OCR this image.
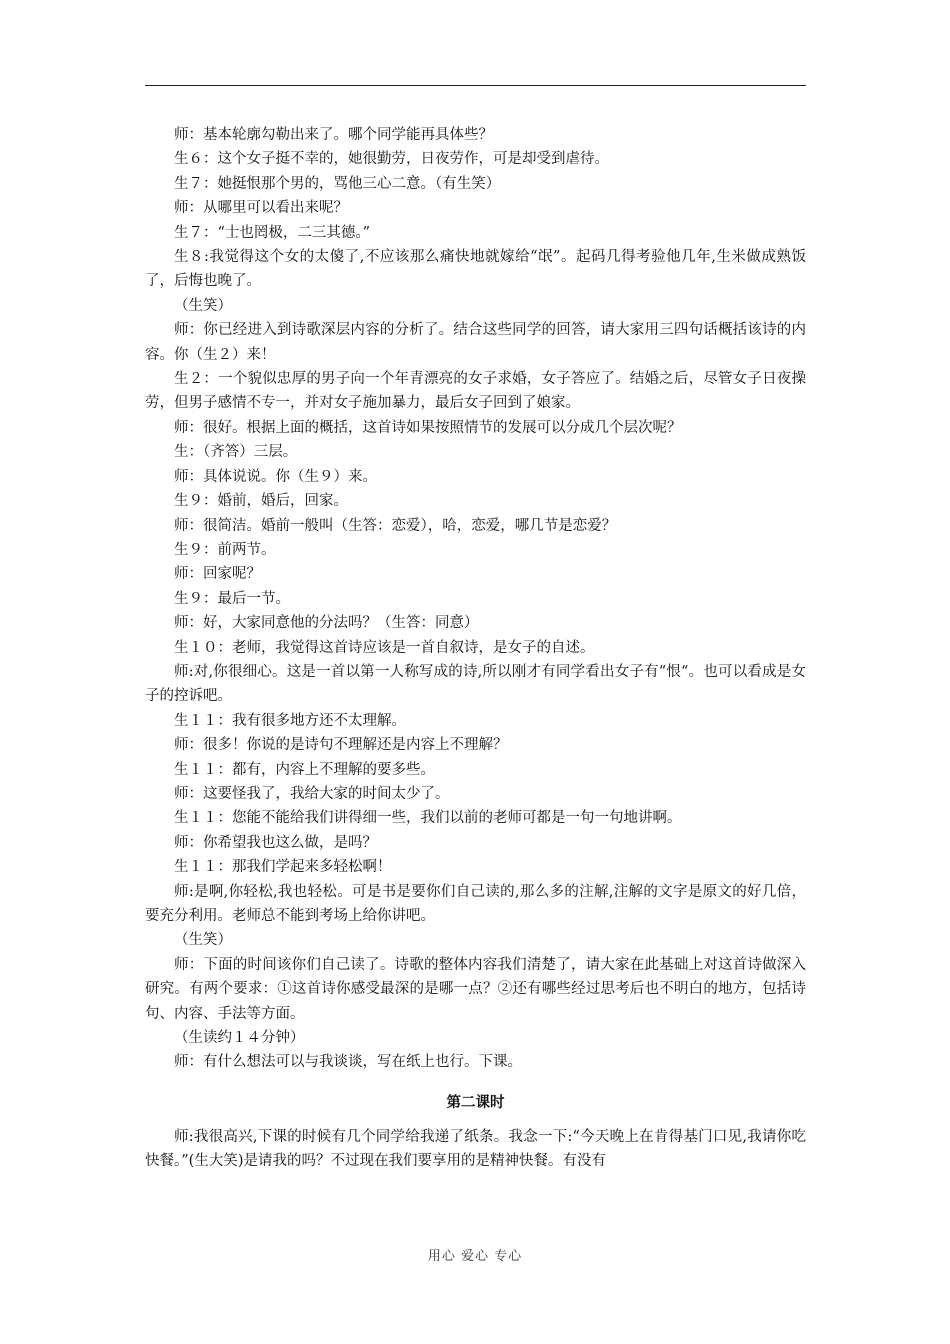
师：基本轮廓勾勒出来了。哪个同学能再具体些？

生６：这个女子挺不幸的，她很勤劳，日夜劳作，可是却受到虐待。

生７：她挺恨那个男的，骂他三心二意。（有生笑）

师：从哪里可以看出来呢？

生７：“士也罔极，二三其德。”

生８:我觉得这个女的太傻了,不应该那么痛快地就嫁给“氓”。起码几得考验他几年,生米做成熟饭了，后悔也晚了。

（生笑）

师：你已经进入到诗歌深层内容的分析了。结合这些同学的回答，请大家用三四句话概括该诗的内容。你（生２）来！

生２：一个貌似忠厚的男子向一个年青漂亮的女子求婚，女子答应了。结婚之后，尽管女子日夜操劳，但男子感情不专一，并对女子施加暴力，最后女子回到了娘家。

师：很好。根据上面的概括，这首诗如果按照情节的发展可以分成几个层次呢？

生：（齐答）三层。

师：具体说说。你（生９）来。

生９：婚前，婚后，回家。

师：很简洁。婚前一般叫（生答：恋爱），哈，恋爱，哪几节是恋爱？

生９：前两节。

师：回家呢？

生９：最后一节。

师：好，大家同意他的分法吗？（生答：同意）

生１０：老师，我觉得这首诗应该是一首自叙诗，是女子的自述。

师:对,你很细心。这是一首以第一人称写成的诗,所以刚才有同学看出女子有“恨“。也可以看成是女子的控诉吧。

生１１：我有很多地方还不太理解。

师：很多！你说的是诗句不理解还是内容上不理解？

生１１：都有，内容上不理解的要多些。

师：这要怪我了，我给大家的时间太少了。

生１１：您能不能给我们讲得细一些，我们以前的老师可都是一句一句地讲啊。

师：你希望我也这么做，是吗？

生１１：那我们学起来多轻松啊！

师:是啊,你轻松,我也轻松。可是书是要你们自己读的,那么多的注解,注解的文字是原文的好几倍，要充分利用。老师总不能到考场上给你讲吧。

（生笑）

师：下面的时间该你们自己读了。诗歌的整体内容我们清楚了，请大家在此基础上对这首诗做深入研究。有两个要求：①这首诗你感受最深的是哪一点？②还有哪些经过思考后也不明白的地方，包括诗句、内容、手法等方面。

（生读约１４分钟）

师：有什么想法可以与我谈谈，写在纸上也行。下课。

第二课时

师:我很高兴,下课的时候有几个同学给我递了纸条。我念一下:“今天晚上在肯得基门口见,我请你吃快餐。”(生大笑)是请我的吗？不过现在我们要享用的是精神快餐。有没有

用心 爱心 专心
